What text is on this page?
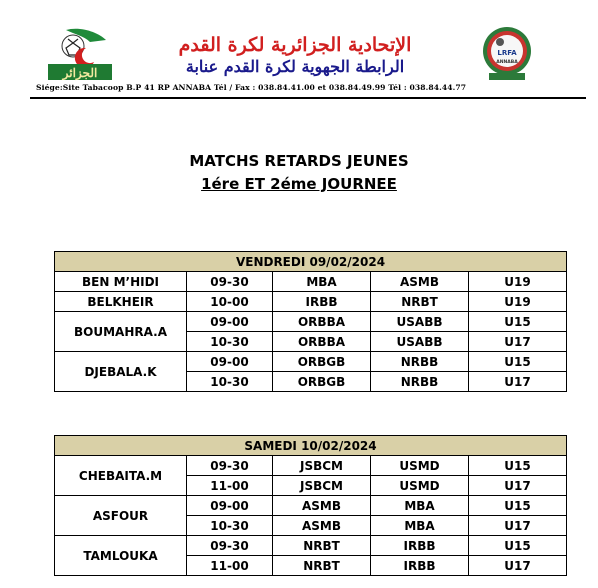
الجزائر
الإتحادية الجزائرية لكرة القدم
الرابطة الجهوية لكرة القدم عنابة
LRFA
ANNABA
Siége:Site Tabacoop B.P 41 RP ANNABA Tél / Fax : 038.84.41.00 et 038.84.49.99 Tél : 038.84.44.77
MATCHS RETARDS JEUNES
1ére ET 2éme JOURNEE
VENDREDI 09/02/2024				
BEN M’HIDI	09-30	MBA	ASMB	U19
BELKHEIR	10-00	IRBB	NRBT	U19
BOUMAHRA.A	09-00	ORBBA	USABB	U15
	10-30	ORBBA	USABB	U17
DJEBALA.K	09-00	ORBGB	NRBB	U15
	10-30	ORBGB	NRBB	U17
SAMEDI 10/02/2024				
CHEBAITA.M	09-30	JSBCM	USMD	U15
	11-00	JSBCM	USMD	U17
ASFOUR	09-00	ASMB	MBA	U15
	10-30	ASMB	MBA	U17
TAMLOUKA	09-30	NRBT	IRBB	U15
	11-00	NRBT	IRBB	U17
